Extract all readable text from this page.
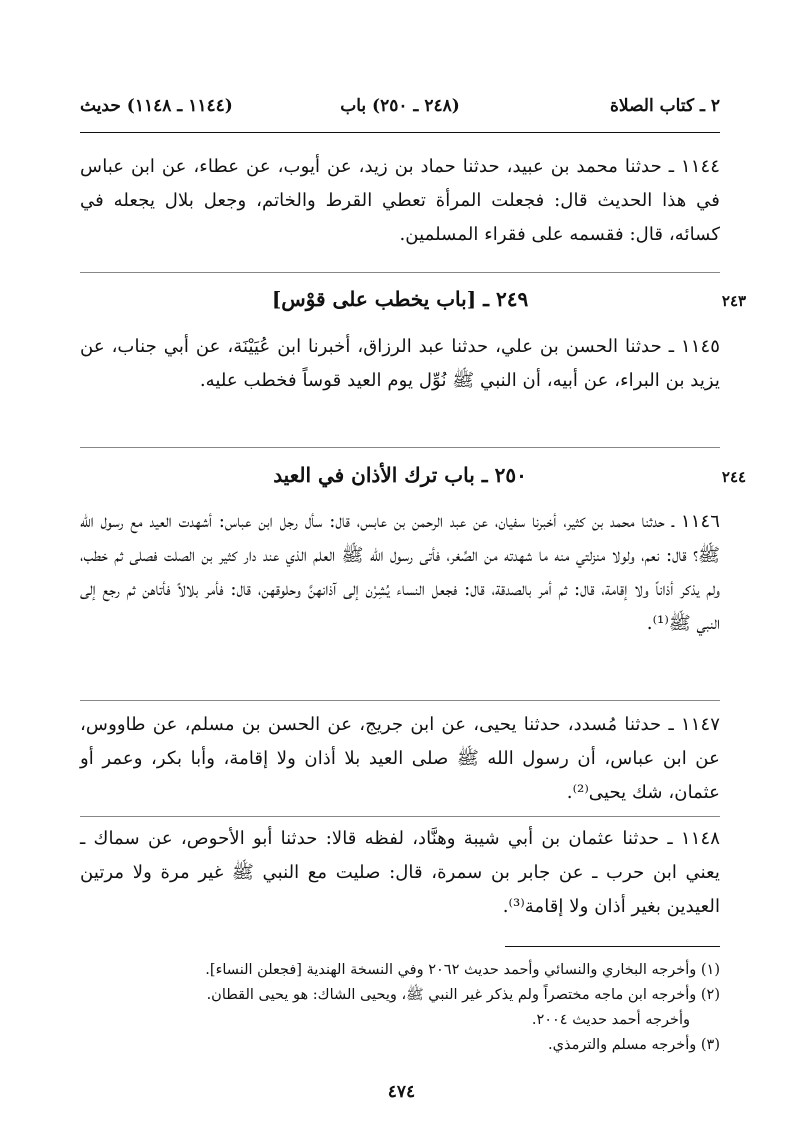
٢ ـ كتاب الصلاة
(٢٤٨ ـ ٢٥٠) باب
(١١٤٤ ـ ١١٤٨) حديث

١١٤٤ ـ حدثنا محمد بن عبيد، حدثنا حماد بن زيد، عن أيوب، عن عطاء، عن ابن عباس في هذا الحديث قال: فجعلت المرأة تعطي القرط والخاتم، وجعل بلال يجعله في كسائه، قال: فقسمه على فقراء المسلمين.

٢٤٣
٢٤٩ ـ [باب يخطب على قوْس]

١١٤٥ ـ حدثنا الحسن بن علي، حدثنا عبد الرزاق، أخبرنا ابن عُيَيْنَة، عن أبي جناب، عن يزيد بن البراء، عن أبيه، أن النبي ﷺ نُوِّل يوم العيد قوساً فخطب عليه.

٢٤٤
٢٥٠ ـ باب ترك الأذان في العيد

١١٤٦ ـ حدثنا محمد بن كثير، أخبرنا سفيان، عن عبد الرحمن بن عابس، قال: سأل رجل ابن عباس: أشهدت العيد مع رسول الله ﷺ؟ قال: نعم، ولولا منزلتي منه ما شهدته من الصِّغر، فأتى رسول الله ﷺ العلم الذي عند دار كثير بن الصلت فصلى ثم خطب، ولم يذكر أذاناً ولا إقامة، قال: ثم أمر بالصدقة، قال: فجعل النساء يُشِرْن إلى آذانهنَّ وحلوقهن، قال: فأمر بلالاً فأتاهن ثم رجع إلى النبي ﷺ⁽¹⁾.

١١٤٧ ـ حدثنا مُسدد، حدثنا يحيى، عن ابن جريج، عن الحسن بن مسلم، عن طاووس، عن ابن عباس، أن رسول الله ﷺ صلى العيد بلا أذان ولا إقامة، وأبا بكر، وعمر أو عثمان، شك يحيى⁽²⁾.

١١٤٨ ـ حدثنا عثمان بن أبي شيبة وهنَّاد، لفظه قالا: حدثنا أبو الأحوص، عن سماك ـ يعني ابن حرب ـ عن جابر بن سمرة، قال: صليت مع النبي ﷺ غير مرة ولا مرتين العيدين بغير أذان ولا إقامة⁽³⁾.

(١) وأخرجه البخاري والنسائي وأحمد حديث ٢٠٦٢ وفي النسخة الهندية [فجعلن النساء].

(٢) وأخرجه ابن ماجه مختصراً ولم يذكر غير النبي ﷺ، ويحيى الشاك: هو يحيى القطان.

وأخرجه أحمد حديث ٢٠٠٤.

(٣) وأخرجه مسلم والترمذي.

٤٧٤
